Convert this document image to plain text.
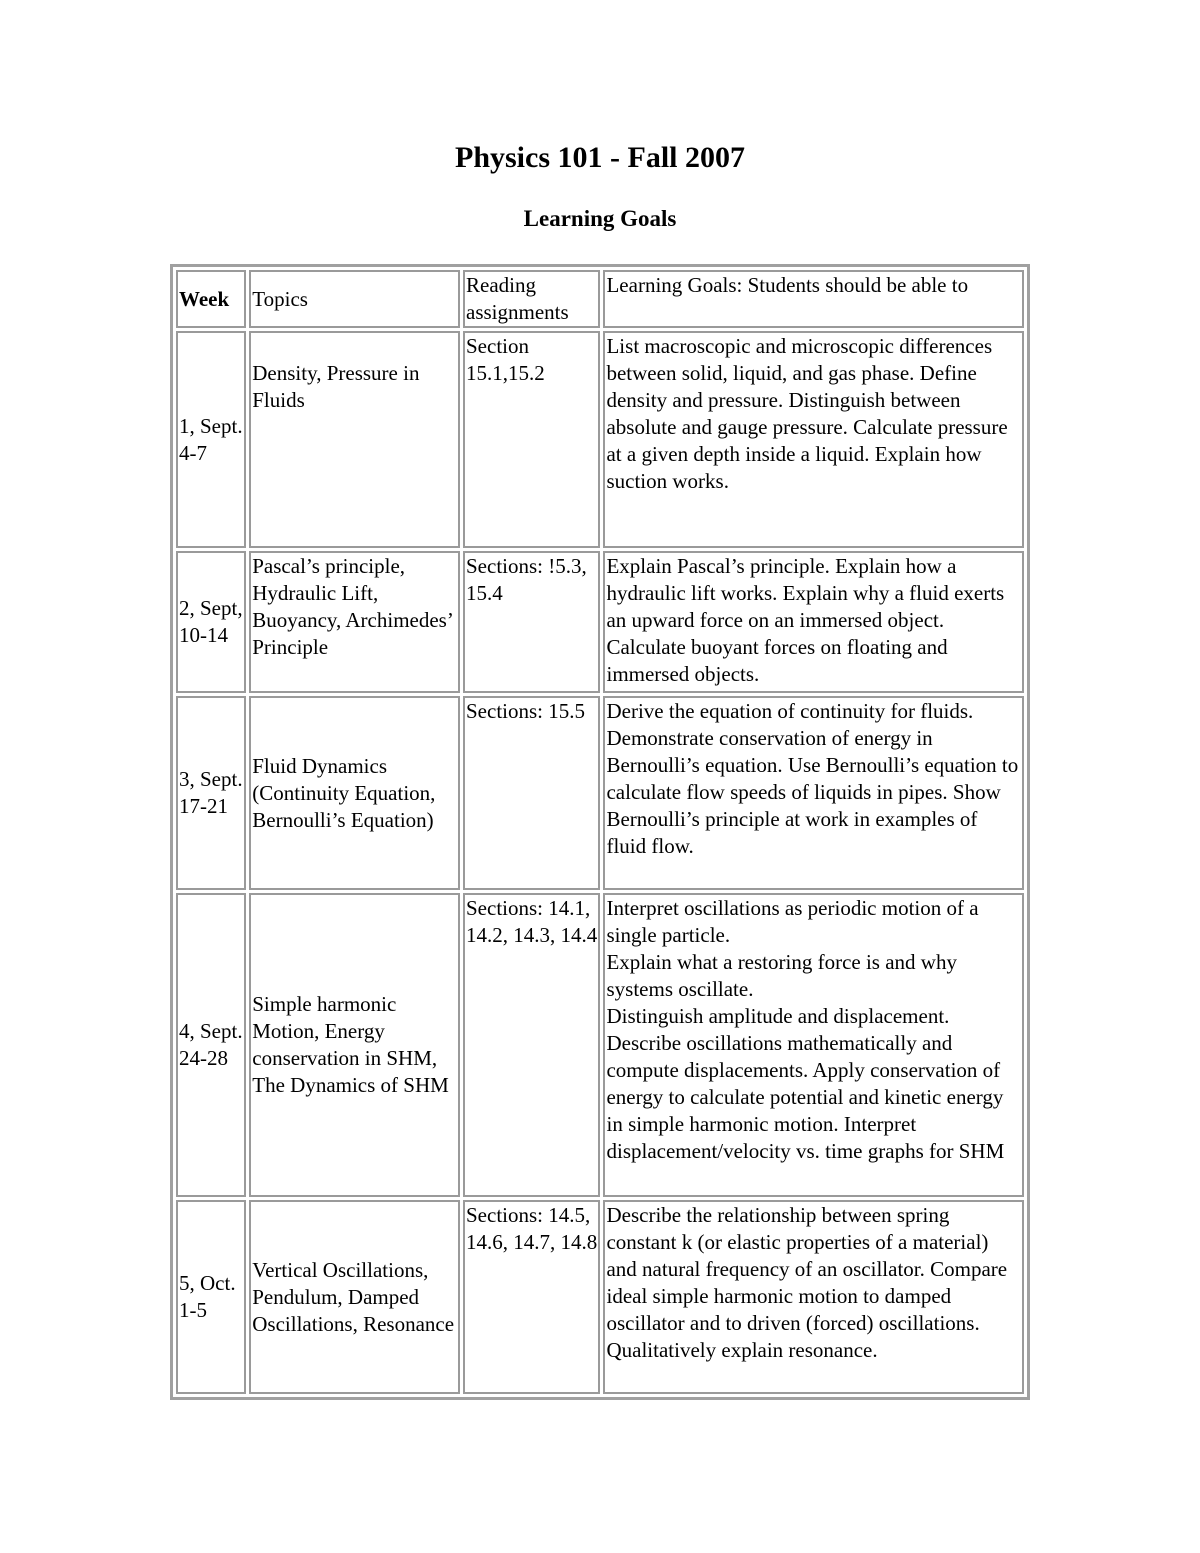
Physics 101 - Fall 2007
Learning Goals
Week	Topics	Reading assignments	Learning Goals: Students should be able to
1, Sept. 4-7	Density, Pressure in Fluids	Section 15.1,15.2	List macroscopic and microscopic differences between solid, liquid, and gas phase. Define density and pressure. Distinguish between absolute and gauge pressure. Calculate pressure at a given depth inside a liquid. Explain how suction works.

2, Sept, 10-14	Pascal’s principle, Hydraulic Lift, Buoyancy, Archimedes’ Principle	Sections: !5.3, 15.4	Explain Pascal’s principle. Explain how a hydraulic lift works. Explain why a fluid exerts an upward force on an immersed object. Calculate buoyant forces on floating and immersed objects.

3, Sept. 17-21	Fluid Dynamics (Continuity Equation, Bernoulli’s Equation)	Sections: 15.5	Derive the equation of continuity for fluids. Demonstrate conservation of energy in Bernoulli’s equation. Use Bernoulli’s equation to calculate flow speeds of liquids in pipes. Show Bernoulli’s principle at work in examples of fluid flow.

4, Sept. 24-28	Simple harmonic Motion, Energy conservation in SHM, The Dynamics of SHM	Sections: 14.1, 14.2, 14.3, 14.4	Interpret oscillations as periodic motion of a single particle.
Explain what a restoring force is and why systems oscillate.
Distinguish amplitude and displacement. Describe oscillations mathematically and compute displacements. Apply conservation of energy to calculate potential and kinetic energy in simple harmonic motion. Interpret displacement/velocity vs. time graphs for SHM

5, Oct. 1-5	Vertical Oscillations, Pendulum, Damped Oscillations, Resonance	Sections: 14.5, 14.6, 14.7, 14.8	Describe the relationship between spring constant k (or elastic properties of a material) and natural frequency of an oscillator. Compare ideal simple harmonic motion to damped oscillator and to driven (forced) oscillations. Qualitatively explain resonance.
